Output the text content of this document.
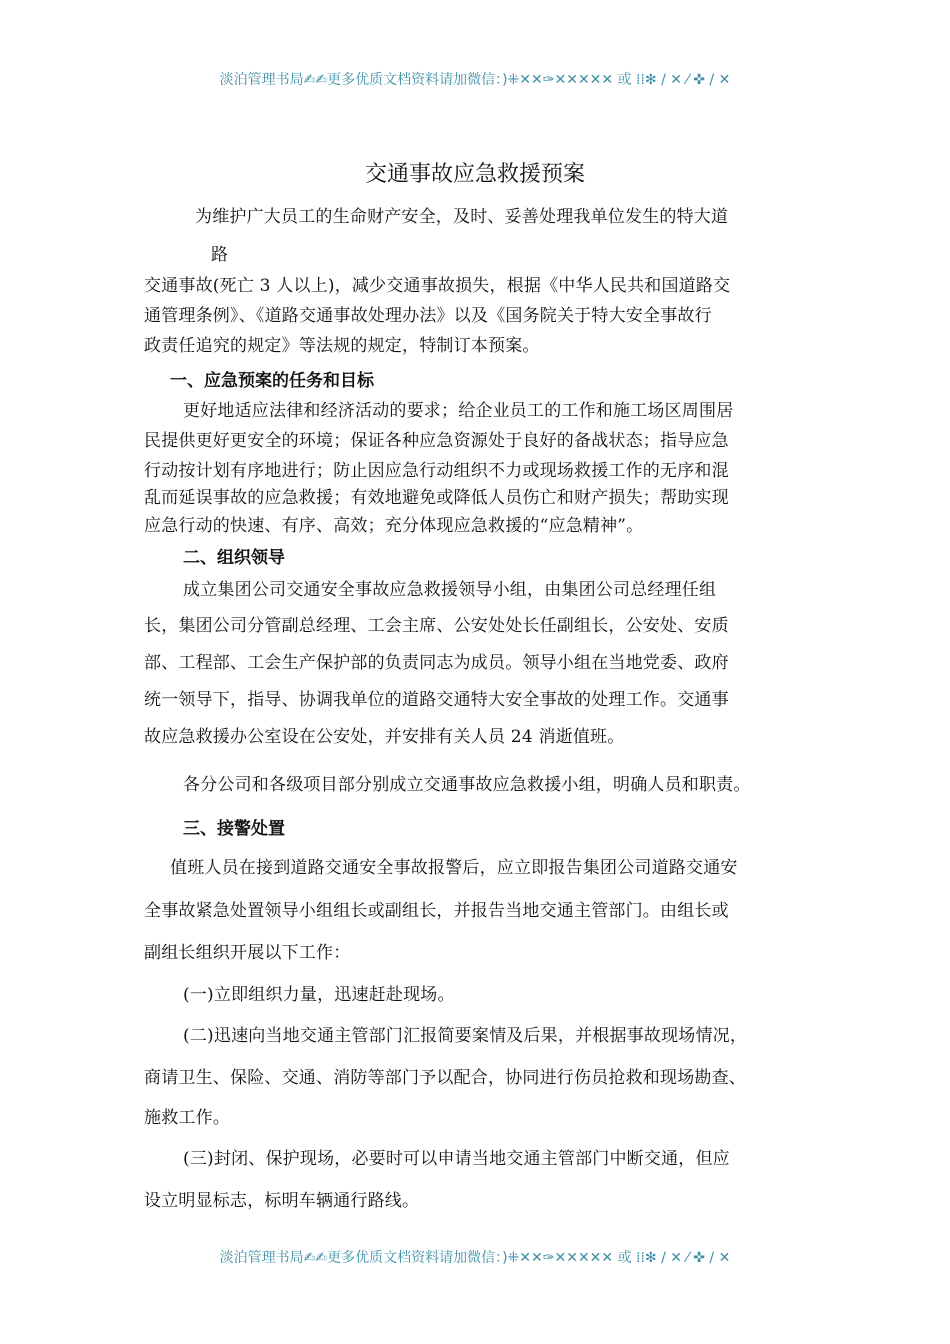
淡泊管理书局✍✍更多优质文档资料请加微信：)⁜✕✕✑✕✕✕✕✕ 或 ⁞⁞✻ / ✕ ⁄ ✜ / ✕
交通事故应急救援预案
为维护广大员工的生命财产安全，及时、妥善处理我单位发生的特大道
路
交通事故(死亡 3 人以上)，减少交通事故损失，根据《中华人民共和国道路交
通管理条例》、《道路交通事故处理办法》以及《国务院关于特大安全事故行
政责任追究的规定》等法规的规定，特制订本预案。
一、应急预案的任务和目标
更好地适应法律和经济活动的要求；给企业员工的工作和施工场区周围居
民提供更好更安全的环境；保证各种应急资源处于良好的备战状态；指导应急
行动按计划有序地进行；防止因应急行动组织不力或现场救援工作的无序和混
乱而延误事故的应急救援；有效地避免或降低人员伤亡和财产损失；帮助实现
应急行动的快速、有序、高效；充分体现应急救援的“应急精神”。
二、组织领导
成立集团公司交通安全事故应急救援领导小组，由集团公司总经理任组
长，集团公司分管副总经理、工会主席、公安处处长任副组长，公安处、安质
部、工程部、工会生产保护部的负责同志为成员。领导小组在当地党委、政府
统一领导下，指导、协调我单位的道路交通特大安全事故的处理工作。交通事
故应急救援办公室设在公安处，并安排有关人员 24 消逝值班。
各分公司和各级项目部分别成立交通事故应急救援小组，明确人员和职责。
三、接警处置
值班人员在接到道路交通安全事故报警后，应立即报告集团公司道路交通安
全事故紧急处置领导小组组长或副组长，并报告当地交通主管部门。由组长或
副组长组织开展以下工作：
(一)立即组织力量，迅速赶赴现场。
(二)迅速向当地交通主管部门汇报简要案情及后果，并根据事故现场情况，
商请卫生、保险、交通、消防等部门予以配合，协同进行伤员抢救和现场勘查、
施救工作。
(三)封闭、保护现场，必要时可以申请当地交通主管部门中断交通，但应
设立明显标志，标明车辆通行路线。
淡泊管理书局✍✍更多优质文档资料请加微信：)⁜✕✕✑✕✕✕✕✕ 或 ⁞⁞✻ / ✕ ⁄ ✜ / ✕
